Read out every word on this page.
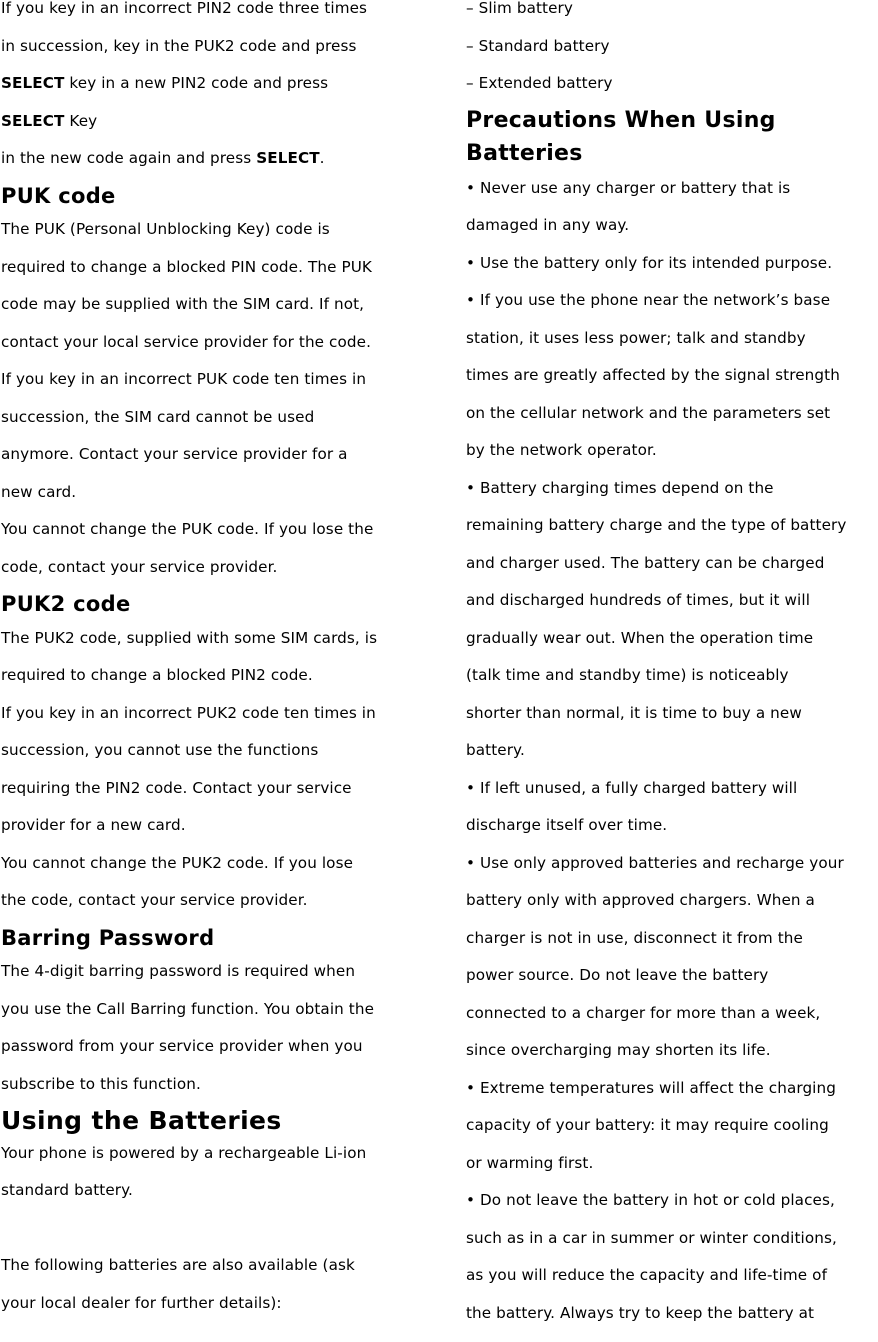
If you key in an incorrect PIN2 code three times
in succession, key in the PUK2 code and press
SELECT key in a new PIN2 code and press
SELECT Key
in the new code again and press SELECT.
PUK code
The PUK (Personal Unblocking Key) code is
required to change a blocked PIN code. The PUK
code may be supplied with the SIM card. If not,
contact your local service provider for the code.
If you key in an incorrect PUK code ten times in
succession, the SIM card cannot be used
anymore. Contact your service provider for a
new card.
You cannot change the PUK code. If you lose the
code, contact your service provider.
PUK2 code
The PUK2 code, supplied with some SIM cards, is
required to change a blocked PIN2 code.
If you key in an incorrect PUK2 code ten times in
succession, you cannot use the functions
requiring the PIN2 code. Contact your service
provider for a new card.
You cannot change the PUK2 code. If you lose
the code, contact your service provider.
Barring Password
The 4-digit barring password is required when
you use the Call Barring function. You obtain the
password from your service provider when you
subscribe to this function.
Using the Batteries
Your phone is powered by a rechargeable Li-ion
standard battery.
The following batteries are also available (ask
your local dealer for further details):
– Slim battery
– Standard battery
– Extended battery
Precautions When Using
Batteries
• Never use any charger or battery that is
damaged in any way.
• Use the battery only for its intended purpose.
• If you use the phone near the network’s base
station, it uses less power; talk and standby
times are greatly affected by the signal strength
on the cellular network and the parameters set
by the network operator.
• Battery charging times depend on the
remaining battery charge and the type of battery
and charger used. The battery can be charged
and discharged hundreds of times, but it will
gradually wear out. When the operation time
(talk time and standby time) is noticeably
shorter than normal, it is time to buy a new
battery.
• If left unused, a fully charged battery will
discharge itself over time.
• Use only approved batteries and recharge your
battery only with approved chargers. When a
charger is not in use, disconnect it from the
power source. Do not leave the battery
connected to a charger for more than a week,
since overcharging may shorten its life.
• Extreme temperatures will affect the charging
capacity of your battery: it may require cooling
or warming first.
• Do not leave the battery in hot or cold places,
such as in a car in summer or winter conditions,
as you will reduce the capacity and life-time of
the battery. Always try to keep the battery at
